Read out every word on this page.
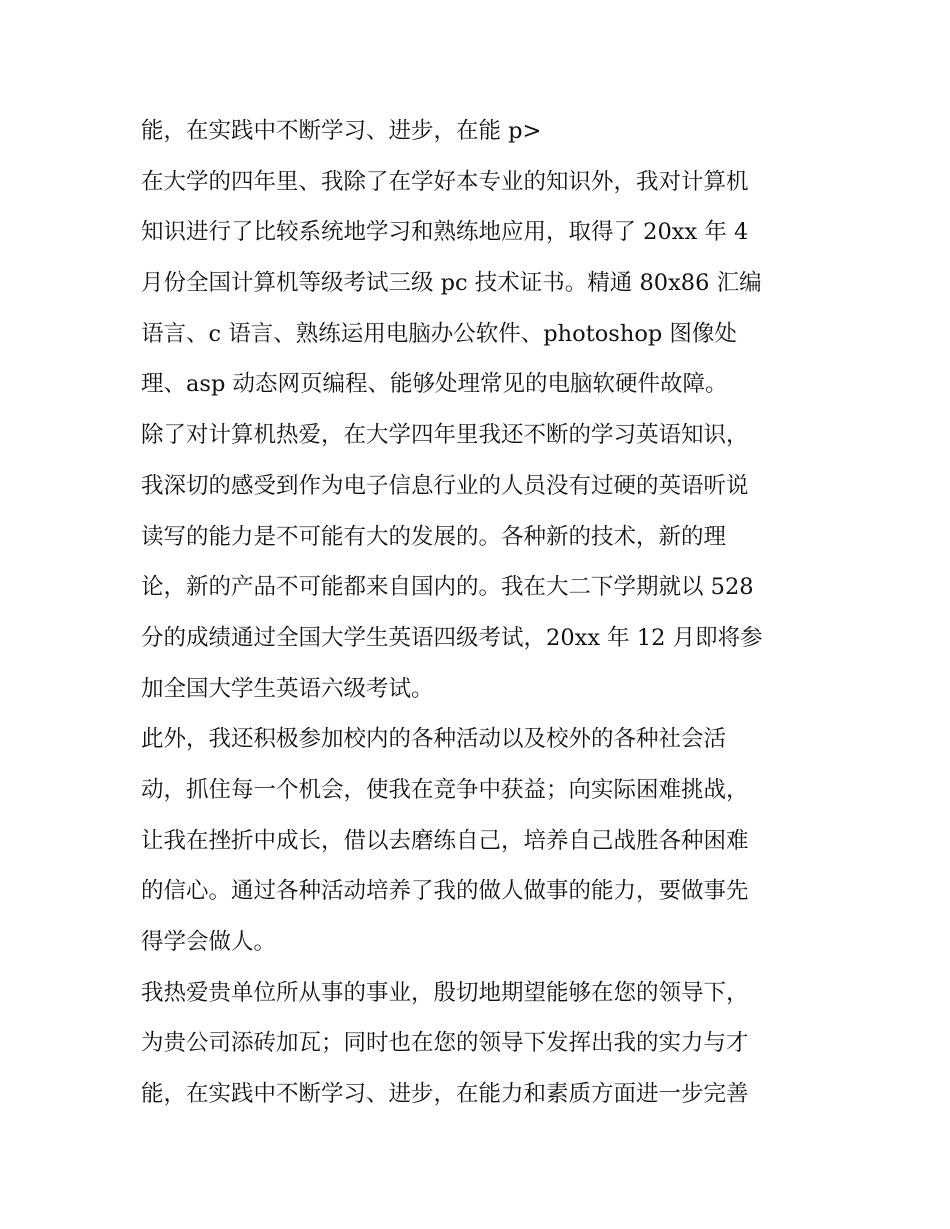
能，在实践中不断学习、进步，在能 p>
在大学的四年里、我除了在学好本专业的知识外，我对计算机
知识进行了比较系统地学习和熟练地应用，取得了 20xx 年 4
月份全国计算机等级考试三级 pc 技术证书。精通 80x86 汇编
语言、c 语言、熟练运用电脑办公软件、photoshop 图像处
理、asp 动态网页编程、能够处理常见的电脑软硬件故障。
除了对计算机热爱，在大学四年里我还不断的学习英语知识，
我深切的感受到作为电子信息行业的人员没有过硬的英语听说
读写的能力是不可能有大的发展的。各种新的技术，新的理
论，新的产品不可能都来自国内的。我在大二下学期就以 528
分的成绩通过全国大学生英语四级考试，20xx 年 12 月即将参
加全国大学生英语六级考试。
此外，我还积极参加校内的各种活动以及校外的各种社会活
动，抓住每一个机会，使我在竞争中获益；向实际困难挑战，
让我在挫折中成长，借以去磨练自己，培养自己战胜各种困难
的信心。通过各种活动培养了我的做人做事的能力，要做事先
得学会做人。
我热爱贵单位所从事的事业，殷切地期望能够在您的领导下，
为贵公司添砖加瓦；同时也在您的领导下发挥出我的实力与才
能，在实践中不断学习、进步，在能力和素质方面进一步完善
